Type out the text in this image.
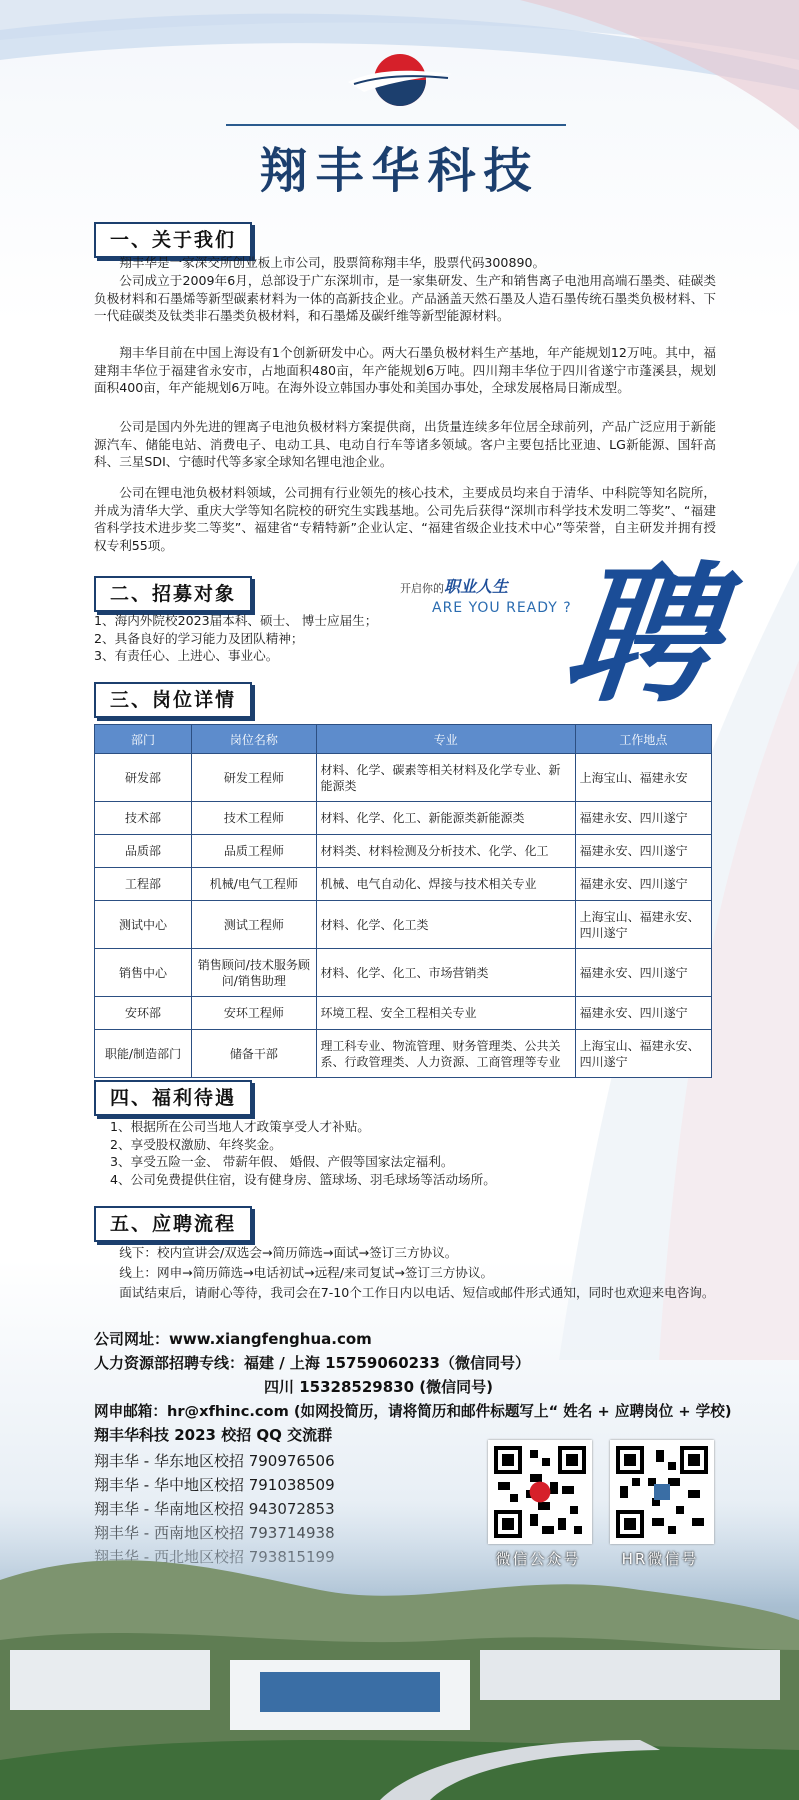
翔丰华科技
一、关于我们

翔丰华是一家深交所创业板上市公司，股票简称翔丰华，股票代码300890。

公司成立于2009年6月，总部设于广东深圳市，是一家集研发、生产和销售离子电池用高端石墨类、硅碳类负极材料和石墨烯等新型碳素材料为一体的高新技企业。产品涵盖天然石墨及人造石墨传统石墨类负极材料、下一代硅碳类及钛类非石墨类负极材料，和石墨烯及碳纤维等新型能源材料。

翔丰华目前在中国上海设有1个创新研发中心。两大石墨负极材料生产基地，年产能规划12万吨。其中，福建翔丰华位于福建省永安市，占地面积480亩，年产能规划6万吨。四川翔丰华位于四川省遂宁市蓬溪县，规划面积400亩，年产能规划6万吨。在海外设立韩国办事处和美国办事处，全球发展格局日渐成型。

公司是国内外先进的锂离子电池负极材料方案提供商，出货量连续多年位居全球前列，产品广泛应用于新能源汽车、储能电站、消费电子、电动工具、电动自行车等诸多领域。客户主要包括比亚迪、LG新能源、国轩高科、三星SDI、宁德时代等多家全球知名锂电池企业。

公司在锂电池负极材料领域，公司拥有行业领先的核心技术，主要成员均来自于清华、中科院等知名院所，并成为清华大学、重庆大学等知名院校的研究生实践基地。公司先后获得“深圳市科学技术发明二等奖”、“福建省科学技术进步奖二等奖”、福建省“专精特新”企业认定、“福建省级企业技术中心”等荣誉，自主研发并拥有授权专利55项。

二、招募对象
1、海内外院校2023届本科、硕士、 博士应届生；
2、具备良好的学习能力及团队精神；
3、有责任心、上进心、事业心。
开启你的职业人生
ARE YOU READY ?
聘
三、岗位详情
部门	岗位名称	专业	工作地点
研发部	研发工程师	材料、化学、碳素等相关材料及化学专业、新能源类	上海宝山、福建永安
技术部	技术工程师	材料、化学、化工、新能源类新能源类	福建永安、四川遂宁
品质部	品质工程师	材料类、材料检测及分析技术、化学、化工	福建永安、四川遂宁
工程部	机械/电气工程师	机械、电气自动化、焊接与技术相关专业	福建永安、四川遂宁
测试中心	测试工程师	材料、化学、化工类	上海宝山、福建永安、四川遂宁
销售中心	销售顾问/技术服务顾问/销售助理	材料、化学、化工、市场营销类	福建永安、四川遂宁
安环部	安环工程师	环境工程、安全工程相关专业	福建永安、四川遂宁
职能/制造部门	储备干部	理工科专业、物流管理、财务管理类、公共关系、行政管理类、人力资源、工商管理等专业	上海宝山、福建永安、四川遂宁
四、福利待遇
1、根据所在公司当地人才政策享受人才补贴。
2、享受股权激励、年终奖金。
3、享受五险一金、 带薪年假、 婚假、产假等国家法定福利。
4、公司免费提供住宿，设有健身房、篮球场、羽毛球场等活动场所。
五、应聘流程

线下：校内宣讲会/双选会→简历筛选→面试→签订三方协议。

线上：网申→简历筛选→电话初试→远程/来司复试→签订三方协议。

面试结束后，请耐心等待，我司会在7-10个工作日内以电话、短信或邮件形式通知，同时也欢迎来电咨询。

公司网址：www.xiangfenghua.com
人力资源部招聘专线：福建 / 上海 15759060233（微信同号）
四川 15328529830 (微信同号)
网申邮箱：hr@xfhinc.com (如网投简历，请将简历和邮件标题写上“ 姓名 + 应聘岗位 + 学校)
翔丰华科技 2023 校招 QQ 交流群
翔丰华 - 华东地区校招 790976506
翔丰华 - 华中地区校招 791038509
微信公众号	HR微信号
